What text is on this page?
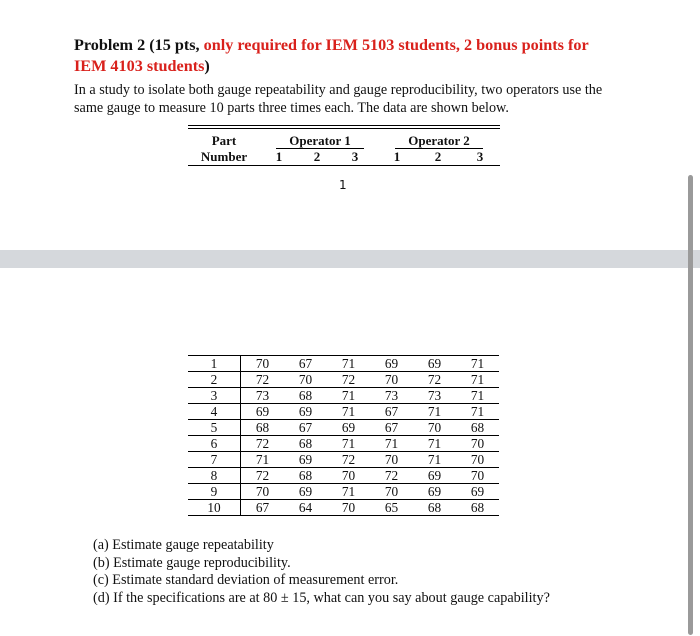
Problem 2 (15 pts, only required for IEM 5103 students, 2 bonus points for
IEM 4103 students)
In a study to isolate both gauge repeatability and gauge reproducibility, two operators use the same gauge to measure 10 parts three times each. The data are shown below.
Part
Number
Operator 1	Operator 2
1 2 3	1	2	3
1
1	70	67	71	69	69	71
2	72	70	72	70	72	71
3	73	68	71	73	73	71
4	69	69	71	67	71	71
5	68	67	69	67	70	68
6	72	68	71	71	71	70
7	71	69	72	70	71	70
8	72	68	70	72	69	70
9	70	69	71	70	69	69
10	67	64	70	65	68	68
(a) Estimate gauge repeatability
(b) Estimate gauge reproducibility.
(c) Estimate standard deviation of measurement error.
(d) If the specifications are at 80 ± 15, what can you say about gauge capability?
